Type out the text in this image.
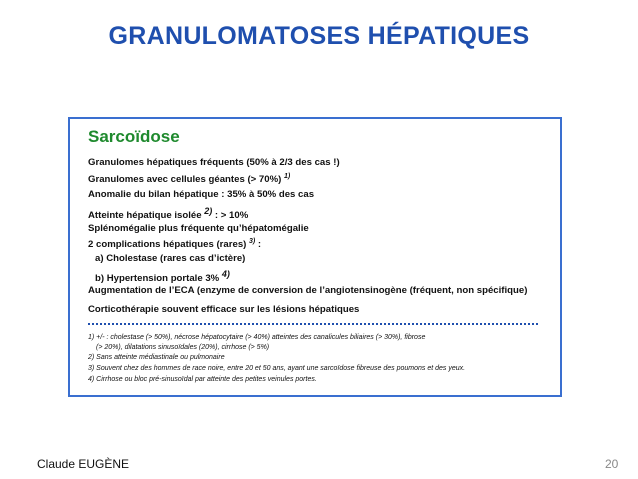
GRANULOMATOSES HÉPATIQUES
Sarcoïdose
Granulomes hépatiques fréquents (50% à 2/3 des cas !)
Granulomes avec cellules géantes (> 70%) $^{1)}$
Anomalie du bilan hépatique : 35% à 50% des cas
Atteinte hépatique isolée $^{2)}$ : > 10%
Splénomégalie plus fréquente qu’hépatomégalie
2 complications hépatiques (rares) $^{3)}$ :
a) Cholestase (rares cas d’ictère)
b) Hypertension portale 3% $^{4)}$
Augmentation de l’ECA (enzyme de conversion de l’angiotensinogène (fréquent, non spécifique)
Corticothérapie souvent efficace sur les lésions hépatiques
1) +/- : cholestase (> 50%), nécrose hépatocytaire (> 40%) atteintes des canalicules biliaires (> 30%), fibrose
(> 20%), dilatations sinusoïdales (20%), cirrhose (> 5%)
2) Sans atteinte médiastinale ou pulmonaire
3) Souvent chez des hommes de race noire, entre 20 et 50 ans, ayant une sarcoïdose fibreuse des poumons et des yeux.
4) Cirrhose ou bloc pré-sinusoïdal par atteinte des petites veinules portes.
Claude EUGÈNE	20
